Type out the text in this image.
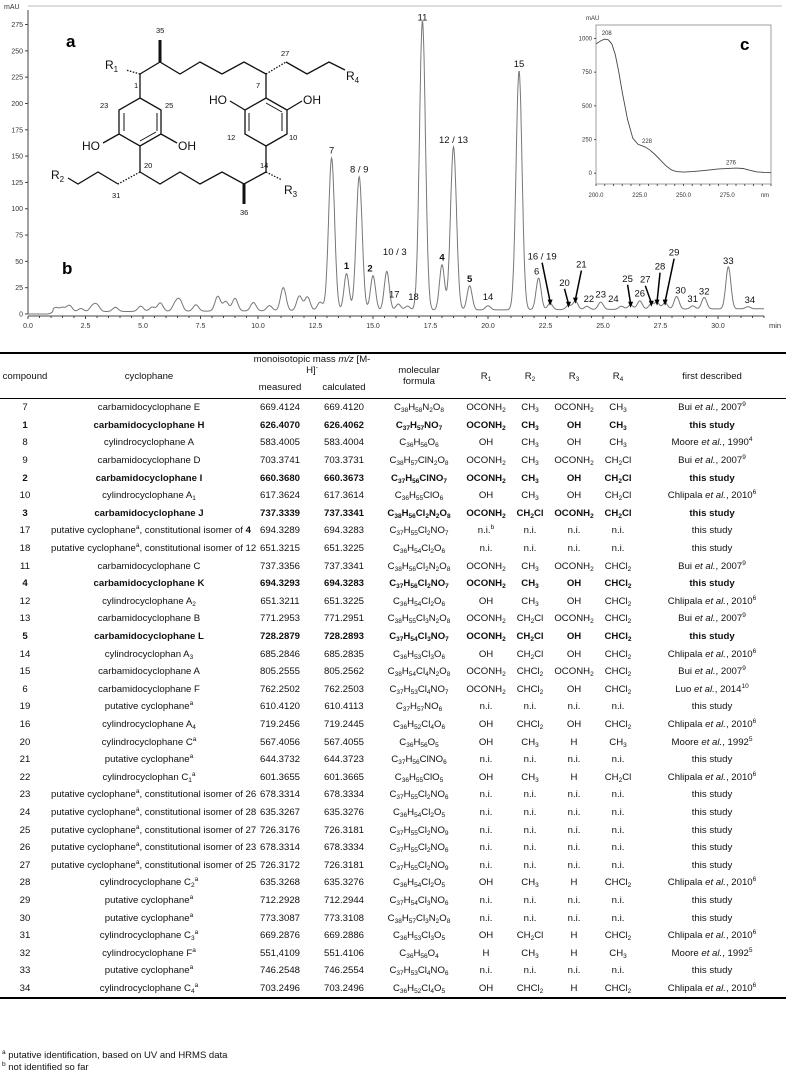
mAU
min
0
25
50
75
100
125
150
175
200
225
250
275
0.0	2.5	5.0	7.5	10.0	12.5	15.0	17.5	20.0	22.5	25.0	27.5	30.0
7
1
8 / 9
2
10 / 3
17 18
11
4
12 / 13
5
14
15
6
16 / 19
20
21
22 23 24
25
26
27
28
29
30
31
32
33
34
$R_1$	$R_4$
$R_2$
$R_3$
HO	OH
HO	OH
35
1
27
7
23	25
12	10
20	14
31
36
mAU
nm
0
250
500
750
1000
200.0	225.0	250.0	275.0
208
228
276
a
b
c
compound	cyclophane	monoisotopic mass m/z [M-H]-		molecular
formula	$R_1$	$R_2$	$R_3$	$R_4$	first described
		measured	calculated						
7	carbamidocyclophane E	669.4124	669.4120	$C_{38}H_{58}N_2O_8$	$OCONH_2$	$CH_3$	$OCONH_2$	$CH_3$	Bui et al., 2007$^9$
1	carbamidocyclophane H	626.4070	626.4062	$C_{37}H_{57}NO_7$	$OCONH_2$	$CH_3$	OH	$CH_3$	this study
8	cylindrocyclophane A	583.4005	583.4004	$C_{36}H_{56}O_6$	OH	$CH_3$	OH	$CH_3$	Moore et al., 1990$^4$
9	carbamidocyclophane D	703.3741	703.3731	$C_{38}H_{57}ClN_2O_8$	$OCONH_2$	$CH_3$	$OCONH_2$	$CH_2Cl$	Bui et al., 2007$^9$
2	carbamidocyclophane I	660.3680	660.3673	$C_{37}H_{56}ClNO_7$	$OCONH_2$	$CH_3$	OH	$CH_2Cl$	this study
10	cylindrocyclophane $A_1$	617.3624	617.3614	$C_{36}H_{55}ClO_6$	OH	$CH_3$	OH	$CH_2Cl$	Chlipala et al., 2010$^6$
3	carbamidocyclophane J	737.3339	737.3341	$C_{38}H_{56}Cl_2N_2O_8$	$OCONH_2$	$CH_2Cl$	$OCONH_2$	$CH_2Cl$	this study
17	putative cyclophane$^a$, constitutional isomer of 4	694.3289	694.3283	$C_{37}H_{55}Cl_2NO_7$	n.i.$^b$	n.i.	n.i.	n.i.	this study
18	putative cyclophane$^a$, constitutional isomer of 12	651.3215	651.3225	$C_{36}H_{54}Cl_2O_6$	n.i.	n.i.	n.i.	n.i.	this study
11	carbamidocyclophane C	737.3356	737.3341	$C_{38}H_{56}Cl_2N_2O_8$	$OCONH_2$	$CH_3$	$OCONH_2$	CHCl$_2$	Bui et al., 2007$^9$
4	carbamidocyclophane K	694.3293	694.3283	$C_{37}H_{56}Cl_2NO_7$	$OCONH_2$	$CH_3$	OH	CHCl$_2$	this study
12	cylindrocyclophane $A_2$	651.3211	651.3225	$C_{36}H_{54}Cl_2O_6$	OH	$CH_3$	OH	CHCl$_2$	Chlipala et al., 2010$^6$
13	carbamidocyclophane B	771.2953	771.2951	$C_{38}H_{55}Cl_3N_2O_8$	$OCONH_2$	$CH_2Cl$	$OCONH_2$	CHCl$_2$	Bui et al., 2007$^9$
5	carbamidocyclophane L	728.2879	728.2893	$C_{37}H_{54}Cl_3NO_7$	$OCONH_2$	$CH_2Cl$	OH	CHCl$_2$	this study
14	cylindrocyclophan $A_3$	685.2846	685.2835	$C_{36}H_{53}Cl_3O_6$	OH	$CH_2Cl$	OH	CHCl$_2$	Chlipala et al., 2010$^6$
15	carbamidocyclophane A	805.2555	805.2562	$C_{38}H_{54}Cl_4N_2O_8$	$OCONH_2$	CHCl$_2$	$OCONH_2$	CHCl$_2$	Bui et al., 2007$^9$
6	carbamidocyclophane F	762.2502	762.2503	$C_{37}H_{53}Cl_4NO_7$	$OCONH_2$	CHCl$_2$	OH	CHCl$_2$	Luo et al., 2014$^{10}$
19	putative cyclophane$^a$	610.4120	610.4113	$C_{37}H_{57}NO_6$	n.i.	n.i.	n.i.	n.i.	this study
16	cylindrocyclophane $A_4$	719.2456	719.2445	$C_{36}H_{52}Cl_4O_6$	OH	CHCl$_2$	OH	CHCl$_2$	Chlipala et al., 2010$^6$
20	cylindrocyclophane $C^a$	567.4056	567.4055	$C_{36}H_{56}O_5$	OH	$CH_3$	H	$CH_3$	Moore et al., 1992$^5$
21	putative cyclophane$^a$	644.3732	644.3723	$C_{37}H_{56}ClNO_6$	n.i.	n.i.	n.i.	n.i.	this study
22	cylindrocyclophan $C_1^a$	601.3655	601.3665	$C_{36}H_{55}ClO_5$	OH	$CH_3$	H	$CH_2Cl$	Chlipala et al., 2010$^6$
23	putative cyclophane$^a$, constitutional isomer of 26	678.3314	678.3334	$C_{37}H_{55}Cl_2NO_6$	n.i.	n.i.	n.i.	n.i.	this study
24	putative cyclophane$^a$, constitutional isomer of 28	635.3267	635.3276	$C_{36}H_{54}Cl_2O_5$	n.i.	n.i.	n.i.	n.i.	this study
25	putative cyclophane$^a$, constitutional isomer of 27	726.3176	726.3181	$C_{37}H_{55}Cl_2NO_9$	n.i.	n.i.	n.i.	n.i.	this study
26	putative cyclophane$^a$, constitutional isomer of 23	678.3314	678.3334	$C_{37}H_{55}Cl_2NO_6$	n.i.	n.i.	n.i.	n.i.	this study
27	putative cyclophane$^a$, constitutional isomer of 25	726.3172	726.3181	$C_{37}H_{55}Cl_2NO_9$	n.i.	n.i.	n.i.	n.i.	this study
28	cylindrocyclophane $C_2^a$	635.3268	635.3276	$C_{36}H_{54}Cl_2O_5$	OH	$CH_3$	H	CHCl$_2$	Chlipala et al., 2010$^6$
29	putative cyclophane$^a$	712.2928	712.2944	$C_{37}H_{54}Cl_3NO_6$	n.i.	n.i.	n.i.	n.i.	this study
30	putative cyclophane$^a$	773.3087	773.3108	$C_{38}H_{57}Cl_3N_2O_8$	n.i.	n.i.	n.i.	n.i.	this study
31	cylindrocyclophane $C_3^a$	669.2876	669.2886	$C_{36}H_{53}Cl_3O_5$	OH	$CH_2Cl$	H	CHCl$_2$	Chlipala et al., 2010$^6$
32	cylindrocyclophane $F^a$	551,4109	551.4106	$C_{36}H_{56}O_4$	H	$CH_3$	H	$CH_3$	Moore et al., 1992$^5$
33	putative cyclophane$^a$	746.2548	746.2554	$C_{37}H_{53}Cl_4NO_6$	n.i.	n.i.	n.i.	n.i.	this study
34	cylindrocyclophane $C_4^a$	703.2496	703.2496	$C_{36}H_{52}Cl_4O_5$	OH	CHCl$_2$	H	CHCl$_2$	Chlipala et al., 2010$^6$
$^a$ putative identification, based on UV and HRMS data
$^b$ not identified so far
